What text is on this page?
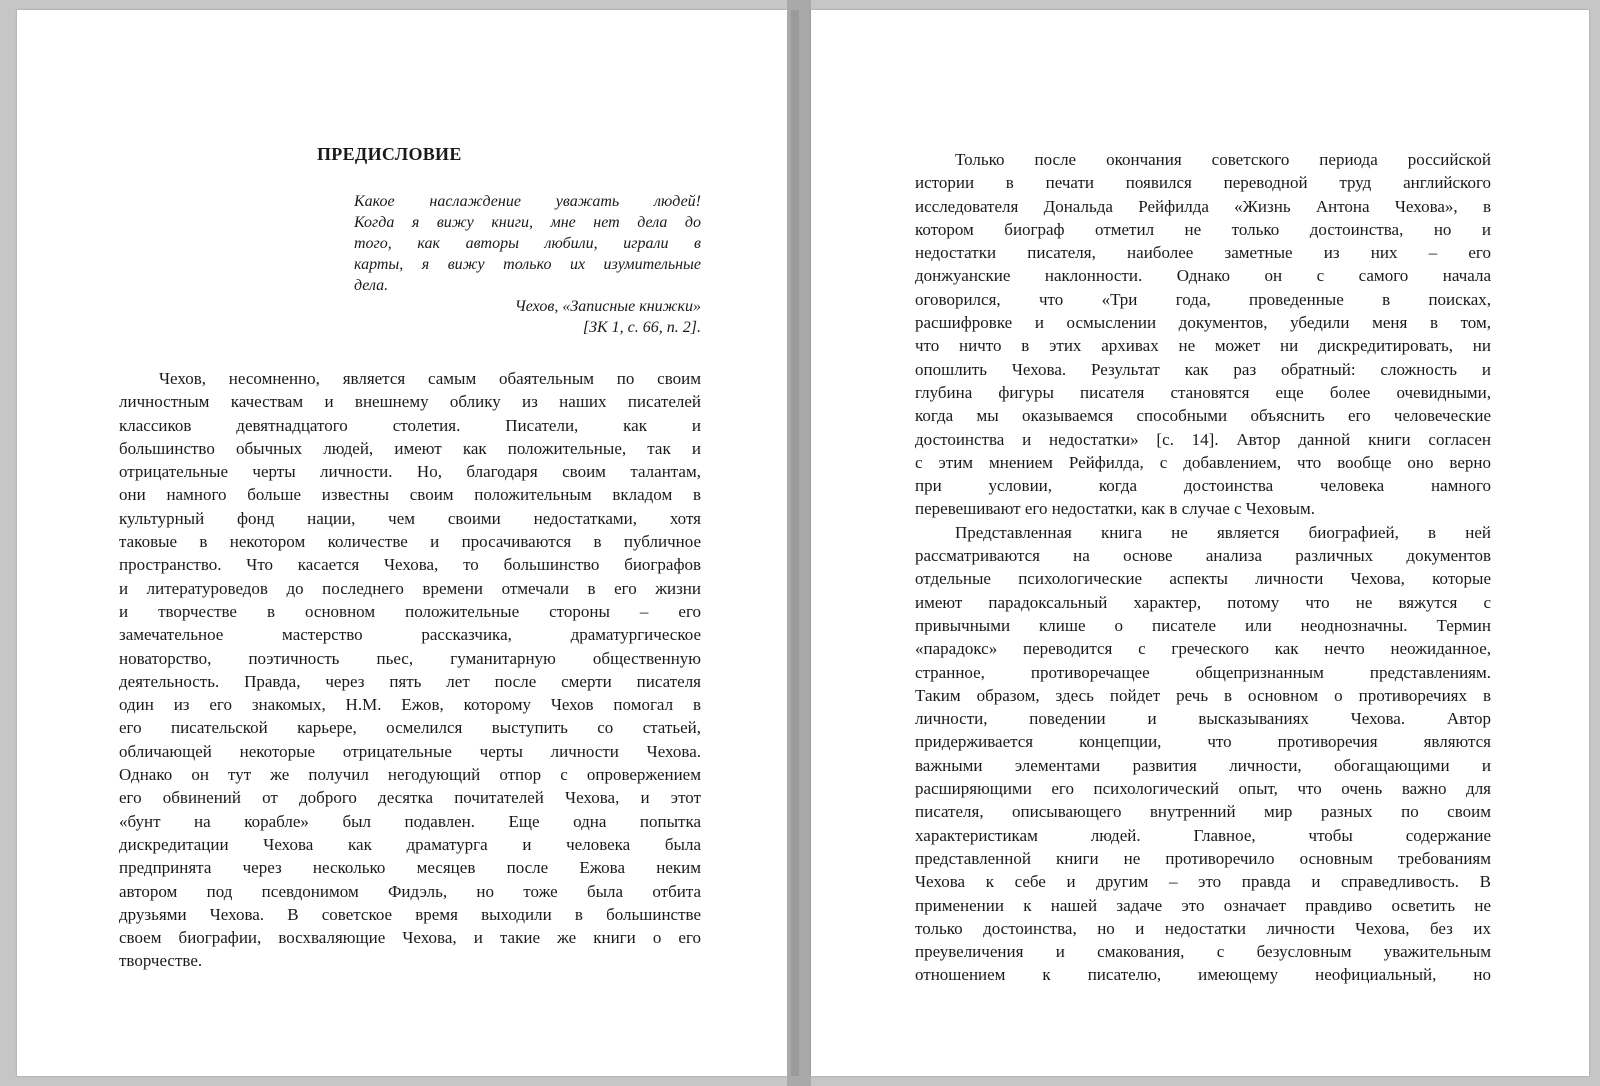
ПРЕДИСЛОВИЕ
Какое наслаждение уважать людей!
Когда я вижу книги, мне нет дела до
того, как авторы любили, играли в
карты, я вижу только их изумительные
дела.
Чехов, «Записные книжки»
[ЗК 1, с. 66, п. 2].
Чехов, несомненно, является самым обаятельным по своим
личностным качествам и внешнему облику из наших писателей
классиков девятнадцатого столетия. Писатели, как и
большинство обычных людей, имеют как положительные, так и
отрицательные черты личности. Но, благодаря своим талантам,
они намного больше известны своим положительным вкладом в
культурный фонд нации, чем своими недостатками, хотя
таковые в некотором количестве и просачиваются в публичное
пространство. Что касается Чехова, то большинство биографов
и литературоведов до последнего времени отмечали в его жизни
и творчестве в основном положительные стороны – его
замечательное мастерство рассказчика, драматургическое
новаторство, поэтичность пьес, гуманитарную общественную
деятельность. Правда, через пять лет после смерти писателя
один из его знакомых, Н.М. Ежов, которому Чехов помогал в
его писательской карьере, осмелился выступить со статьей,
обличающей некоторые отрицательные черты личности Чехова.
Однако он тут же получил негодующий отпор с опровержением
его обвинений от доброго десятка почитателей Чехова, и этот
«бунт на корабле» был подавлен. Еще одна попытка
дискредитации Чехова как драматурга и человека была
предпринята через несколько месяцев после Ежова неким
автором под псевдонимом Фидэль, но тоже была отбита
друзьями Чехова. В советское время выходили в большинстве
своем биографии, восхваляющие Чехова, и такие же книги о его
творчестве.
Только после окончания советского периода российской
истории в печати появился переводной труд английского
исследователя Дональда Рейфилда «Жизнь Антона Чехова», в
котором биограф отметил не только достоинства, но и
недостатки писателя, наиболее заметные из них – его
донжуанские наклонности. Однако он с самого начала
оговорился, что «Три года, проведенные в поисках,
расшифровке и осмыслении документов, убедили меня в том,
что ничто в этих архивах не может ни дискредитировать, ни
опошлить Чехова. Результат как раз обратный: сложность и
глубина фигуры писателя становятся еще более очевидными,
когда мы оказываемся способными объяснить его человеческие
достоинства и недостатки» [с. 14]. Автор данной книги согласен
с этим мнением Рейфилда, с добавлением, что вообще оно верно
при условии, когда достоинства человека намного
перевешивают его недостатки, как в случае с Чеховым.
Представленная книга не является биографией, в ней
рассматриваются на основе анализа различных документов
отдельные психологические аспекты личности Чехова, которые
имеют парадоксальный характер, потому что не вяжутся с
привычными клише о писателе или неоднозначны. Термин
«парадокс» переводится с греческого как нечто неожиданное,
странное, противоречащее общепризнанным представлениям.
Таким образом, здесь пойдет речь в основном о противоречиях в
личности, поведении и высказываниях Чехова. Автор
придерживается концепции, что противоречия являются
важными элементами развития личности, обогащающими и
расширяющими его психологический опыт, что очень важно для
писателя, описывающего внутренний мир разных по своим
характеристикам людей. Главное, чтобы содержание
представленной книги не противоречило основным требованиям
Чехова к себе и другим – это правда и справедливость. В
применении к нашей задаче это означает правдиво осветить не
только достоинства, но и недостатки личности Чехова, без их
преувеличения и смакования, с безусловным уважительным
отношением к писателю, имеющему неофициальный, но
